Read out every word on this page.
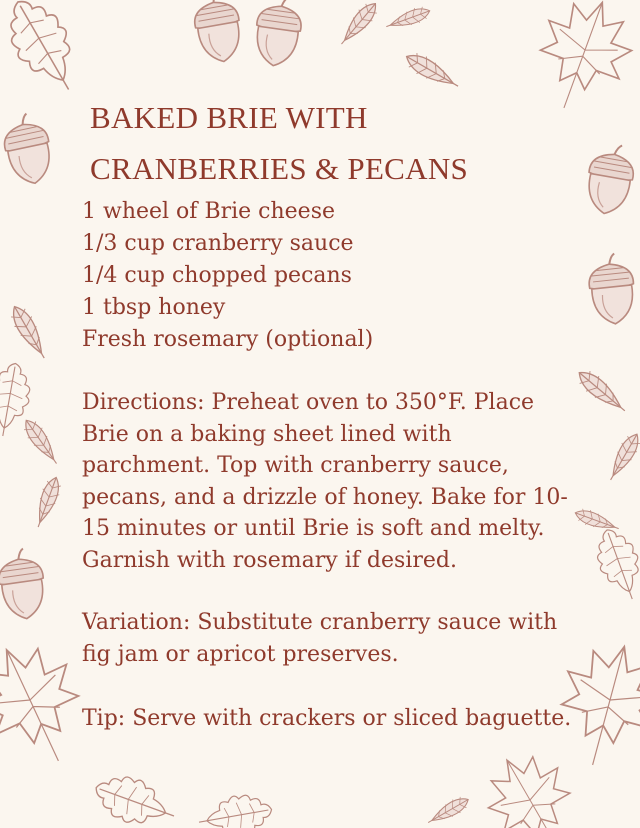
BAKED BRIE WITH
CRANBERRIES & PECANS
1 wheel of Brie cheese
1/3 cup cranberry sauce
1/4 cup chopped pecans
1 tbsp honey
Fresh rosemary (optional)

Directions: Preheat oven to 350°F. Place Brie on a baking sheet lined with parchment. Top with cranberry sauce, pecans, and a drizzle of honey. Bake for 10-15 minutes or until Brie is soft and melty. Garnish with rosemary if desired.

Variation: Substitute cranberry sauce with fig jam or apricot preserves.

Tip: Serve with crackers or sliced baguette.
